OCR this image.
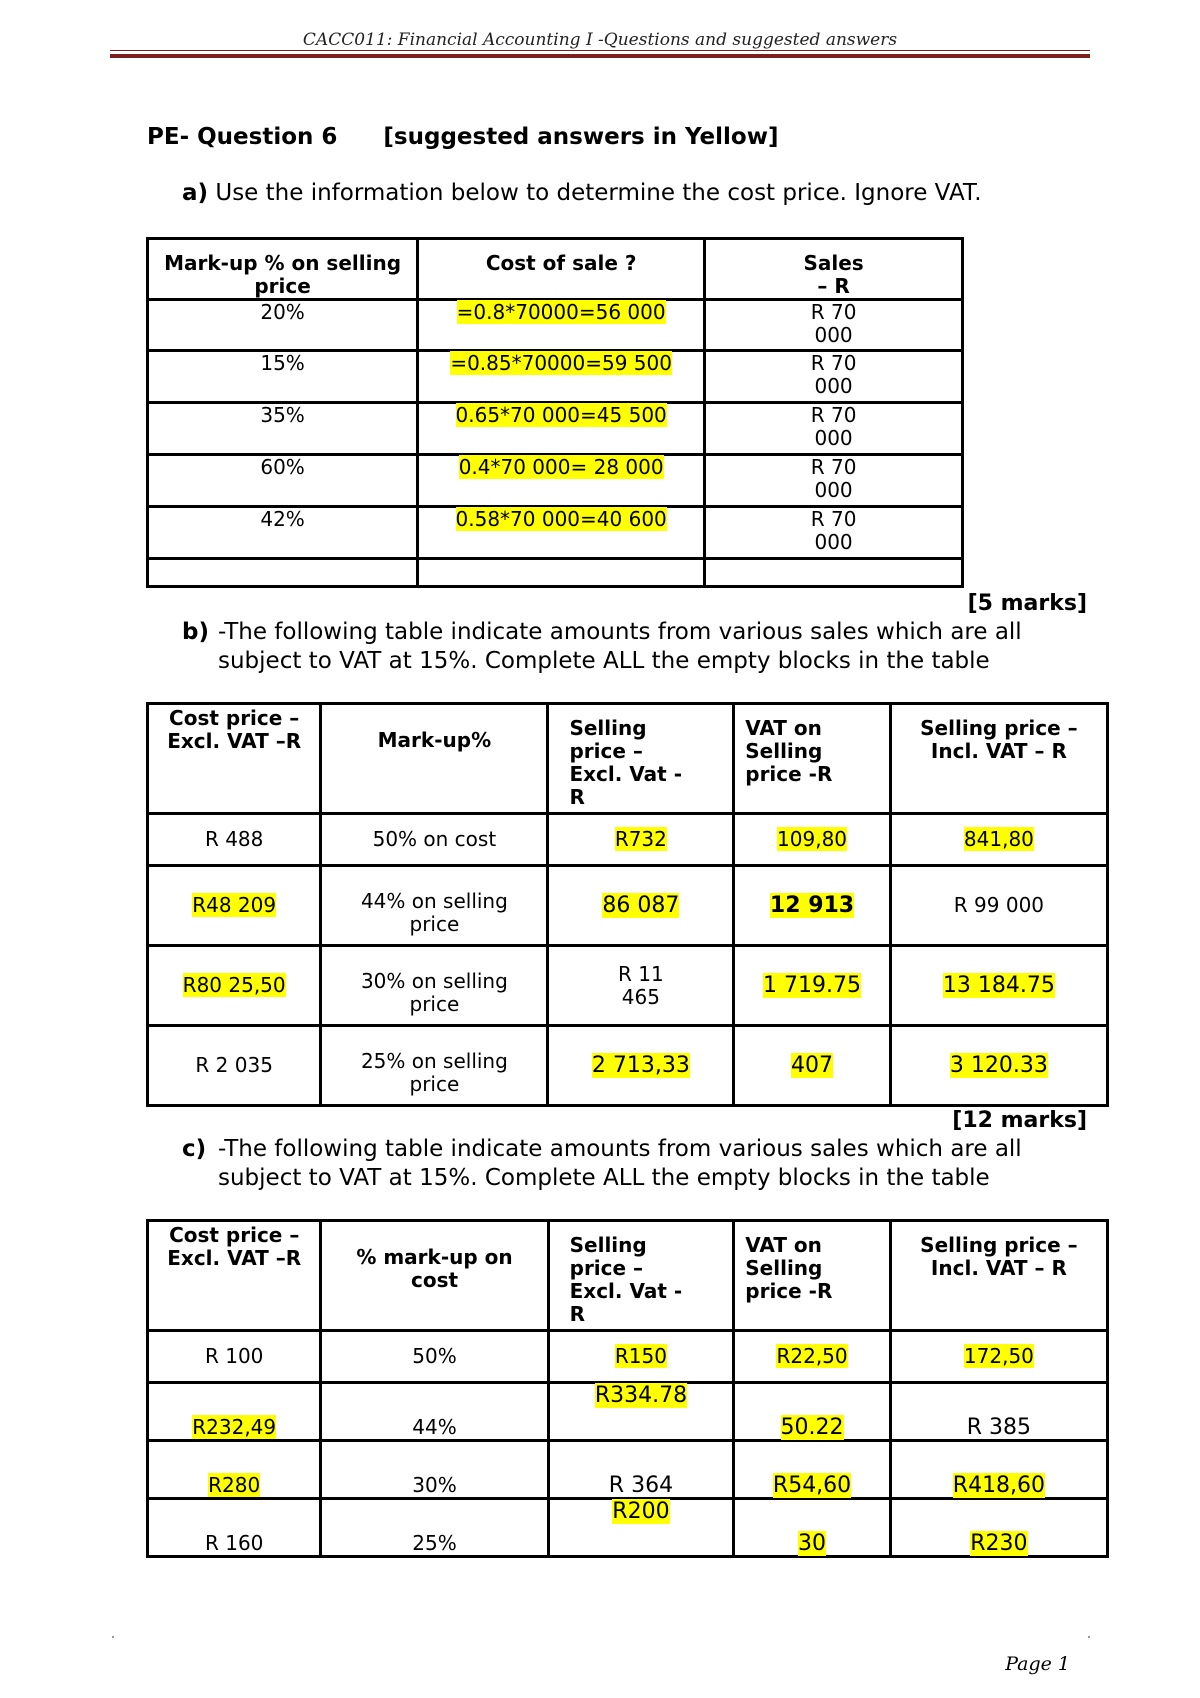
CACC011: Financial Accounting I -Questions and suggested answers
PE- Question 6 [suggested answers in Yellow]
a) Use the information below to determine the cost price. Ignore VAT.
Mark-up % on selling price	Cost of sale ?	Sales – R
20%	=0.8*70000=56 000	R 70 000
15%	=0.85*70000=59 500	R 70 000
35%	0.65*70 000=45 500	R 70 000
60%	0.4*70 000= 28 000	R 70 000
42%	0.58*70 000=40 600	R 70 000

[5 marks]
b) -The following table indicate amounts from various sales which are all subject to VAT at 15%. Complete ALL the empty blocks in the table
Cost price – Excl. VAT –R	Mark-up%	Selling price – Excl. Vat -R	VAT on Selling price -R	Selling price – Incl. VAT – R
R 488	50% on cost	R732	109,80	841,80
R48 209	44% on selling price	86 087	12 913	R 99 000
R80 25,50	30% on selling price	R 11 465	1 719.75	13 184.75
R 2 035	25% on selling price	2 713,33	407	3 120.33
[12 marks]
c) -The following table indicate amounts from various sales which are all subject to VAT at 15%. Complete ALL the empty blocks in the table
Cost price – Excl. VAT –R	% mark-up on cost	Selling price – Excl. Vat -R	VAT on Selling price -R	Selling price – Incl. VAT – R
R 100	50%	R150	R22,50	172,50
R232,49	44%	R334.78	50.22	R 385
R280	30%	R 364	R54,60	R418,60
R 160	25%	R200	30	R230
Page 1
